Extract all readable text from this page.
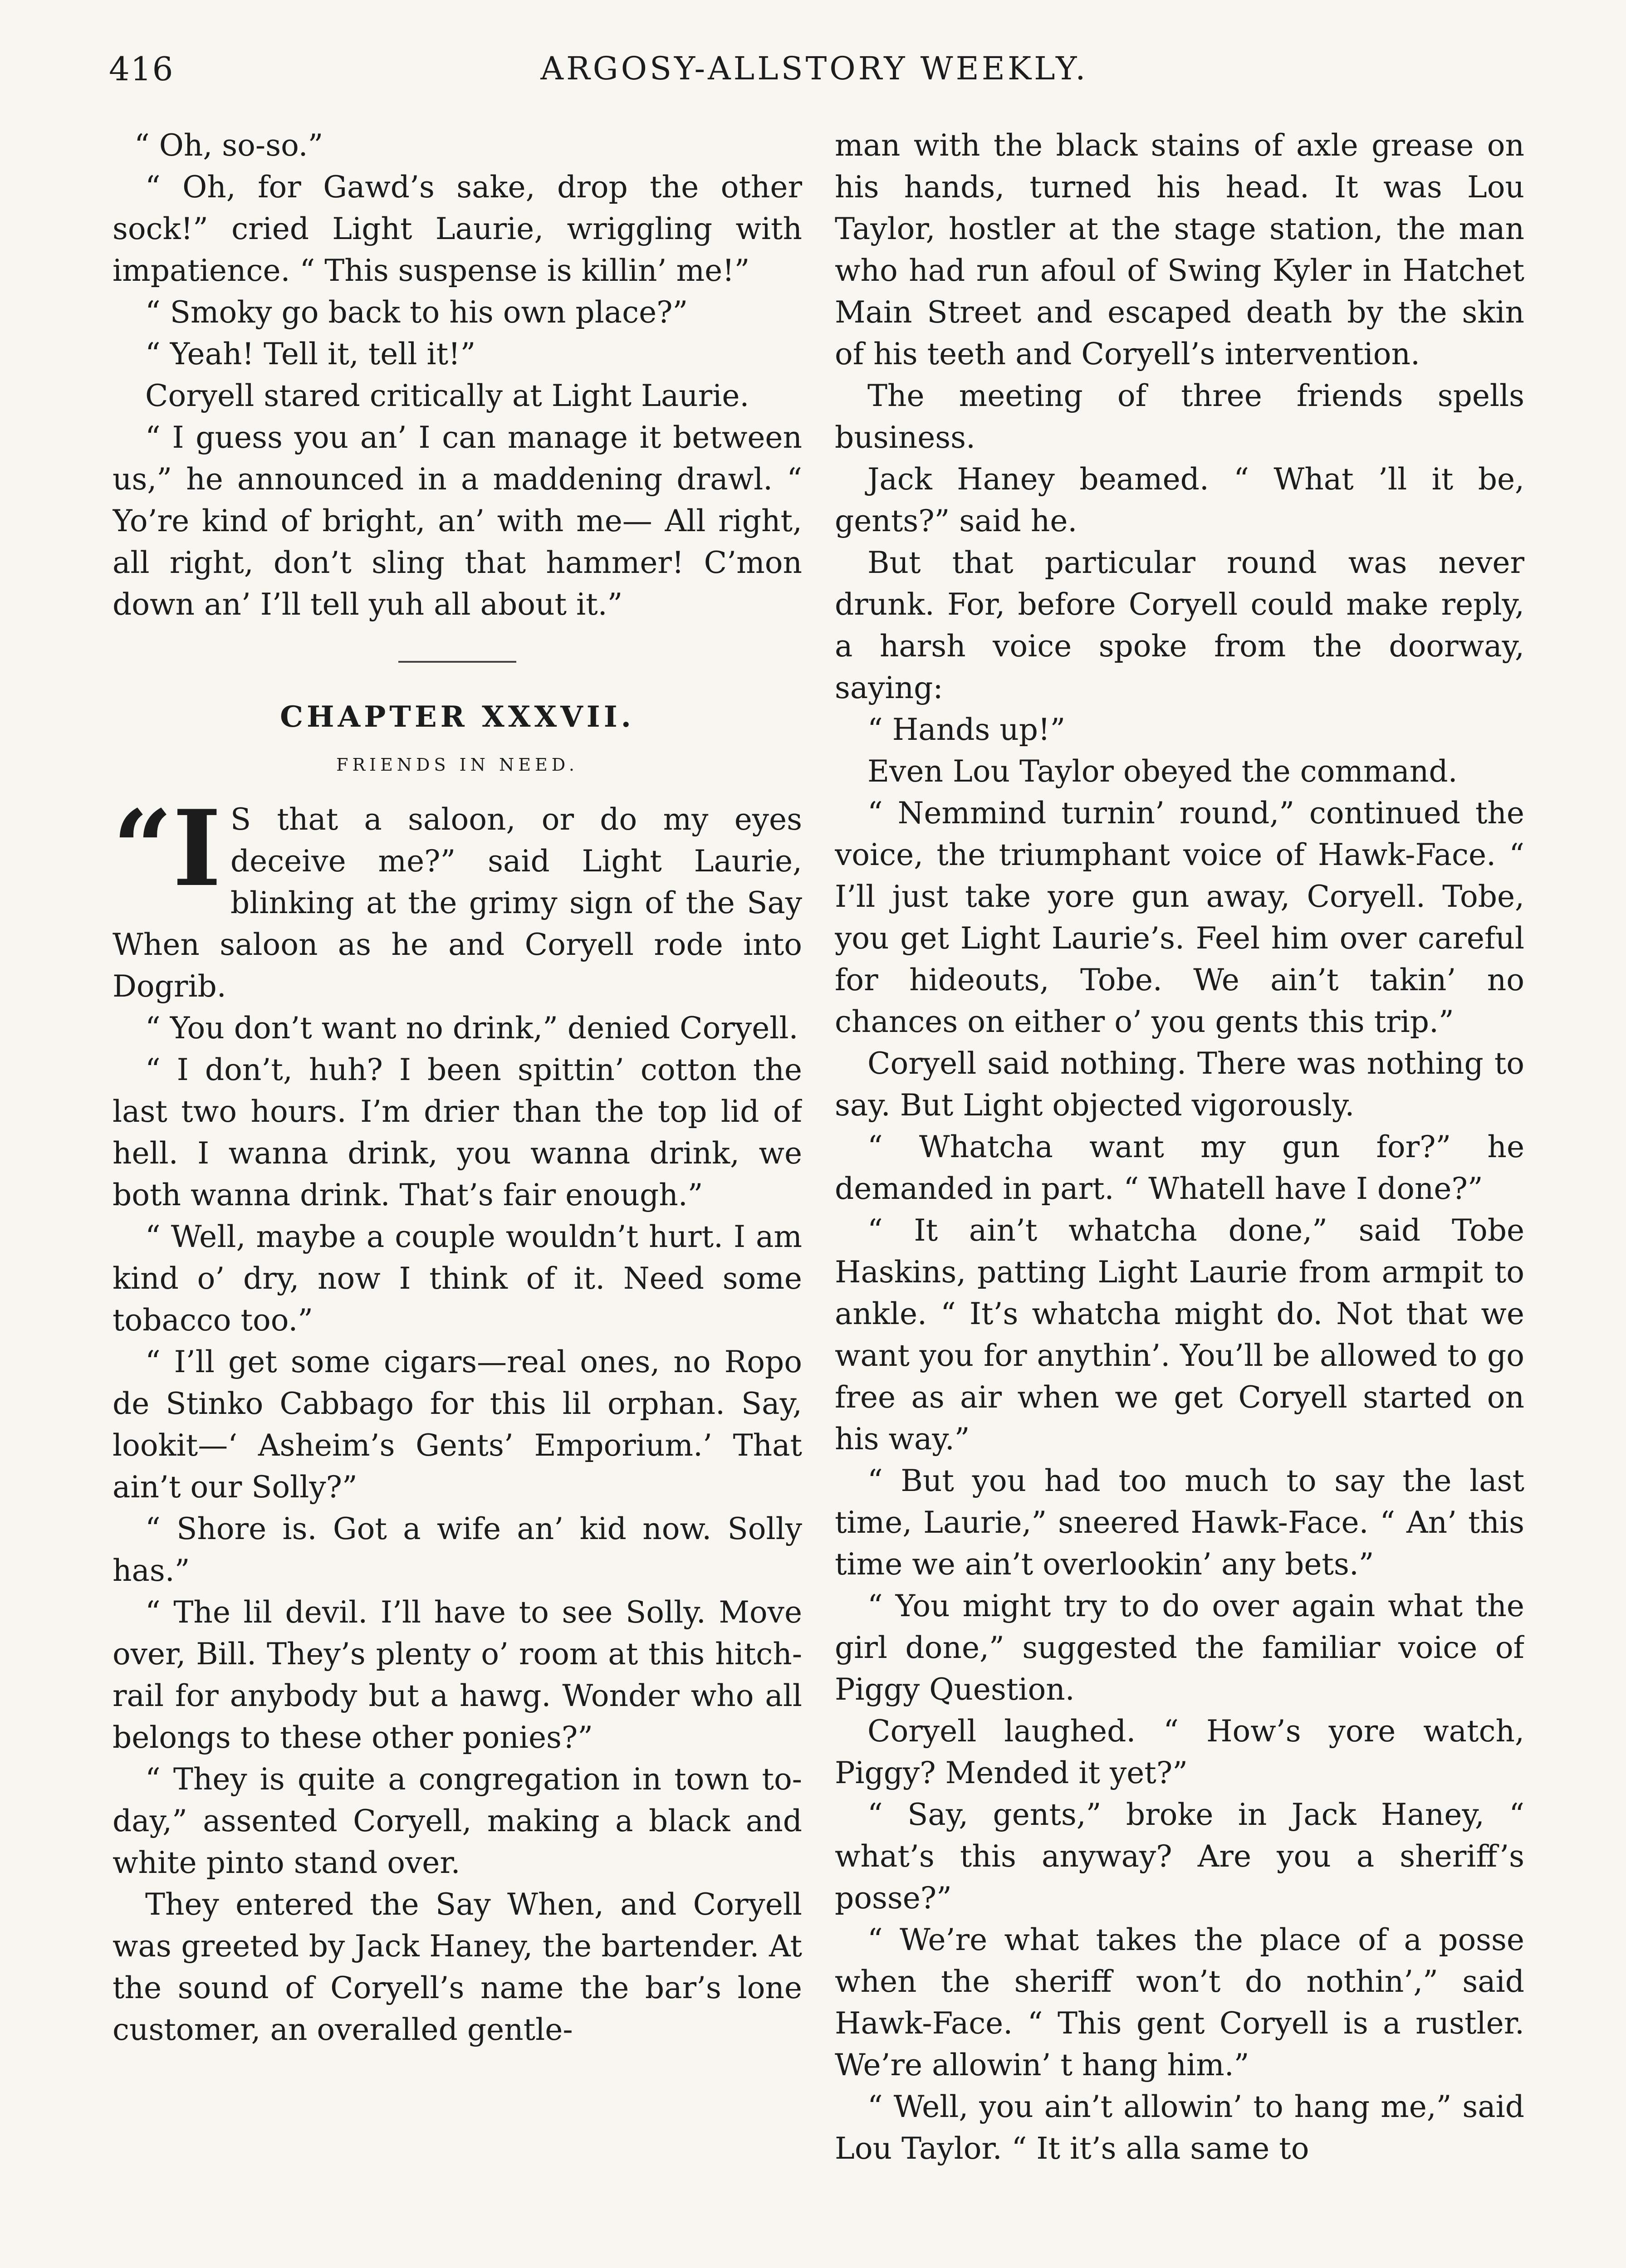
416	ARGOSY-ALLSTORY WEEKLY.

“ Oh, so-so.”

“ Oh, for Gawd’s sake, drop the other sock!” cried Light Laurie, wriggling with impatience. “ This suspense is killin’ me!”

“ Smoky go back to his own place?”

“ Yeah! Tell it, tell it!”

Coryell stared critically at Light Laurie.

“ I guess you an’ I can manage it between us,” he announced in a maddening drawl. “ Yo’re kind of bright, an’ with me— All right, all right, don’t sling that hammer! C’mon down an’ I’ll tell yuh all about it.”

CHAPTER XXXVII.
FRIENDS IN NEED.

“I S that a saloon, or do my eyes deceive me?” said Light Laurie, blinking at the grimy sign of the Say When saloon as he and Coryell rode into Dogrib.

“ You don’t want no drink,” denied Coryell.

“ I don’t, huh? I been spittin’ cotton the last two hours. I’m drier than the top lid of hell. I wanna drink, you wanna drink, we both wanna drink. That’s fair enough.”

“ Well, maybe a couple wouldn’t hurt. I am kind o’ dry, now I think of it. Need some tobacco too.”

“ I’ll get some cigars—real ones, no Ropo de Stinko Cabbago for this lil orphan. Say, lookit—‘ Asheim’s Gents’ Emporium.’ That ain’t our Solly?”

“ Shore is. Got a wife an’ kid now. Solly has.”

“ The lil devil. I’ll have to see Solly. Move over, Bill. They’s plenty o’ room at this hitch-rail for anybody but a hawg. Wonder who all belongs to these other ponies?”

“ They is quite a congregation in town to-day,” assented Coryell, making a black and white pinto stand over.

They entered the Say When, and Coryell was greeted by Jack Haney, the bartender. At the sound of Coryell’s name the bar’s lone customer, an overalled gentle-

man with the black stains of axle grease on his hands, turned his head. It was Lou Taylor, hostler at the stage station, the man who had run afoul of Swing Kyler in Hatchet Main Street and escaped death by the skin of his teeth and Coryell’s intervention.

The meeting of three friends spells business.

Jack Haney beamed. “ What ’ll it be, gents?” said he.

But that particular round was never drunk. For, before Coryell could make reply, a harsh voice spoke from the doorway, saying:

“ Hands up!”

Even Lou Taylor obeyed the command.

“ Nemmind turnin’ round,” continued the voice, the triumphant voice of Hawk-Face. “ I’ll just take yore gun away, Coryell. Tobe, you get Light Laurie’s. Feel him over careful for hideouts, Tobe. We ain’t takin’ no chances on either o’ you gents this trip.”

Coryell said nothing. There was nothing to say. But Light objected vigorously.

“ Whatcha want my gun for?” he demanded in part. “ Whatell have I done?”

“ It ain’t whatcha done,” said Tobe Haskins, patting Light Laurie from armpit to ankle. “ It’s whatcha might do. Not that we want you for anythin’. You’ll be allowed to go free as air when we get Coryell started on his way.”

“ But you had too much to say the last time, Laurie,” sneered Hawk-Face. “ An’ this time we ain’t overlookin’ any bets.”

“ You might try to do over again what the girl done,” suggested the familiar voice of Piggy Question.

Coryell laughed. “ How’s yore watch, Piggy? Mended it yet?”

“ Say, gents,” broke in Jack Haney, “ what’s this anyway? Are you a sheriff’s posse?”

“ We’re what takes the place of a posse when the sheriff won’t do nothin’,” said Hawk-Face. “ This gent Coryell is a rustler. We’re allowin’ t hang him.”

“ Well, you ain’t allowin’ to hang me,” said Lou Taylor. “ It it’s alla same to
